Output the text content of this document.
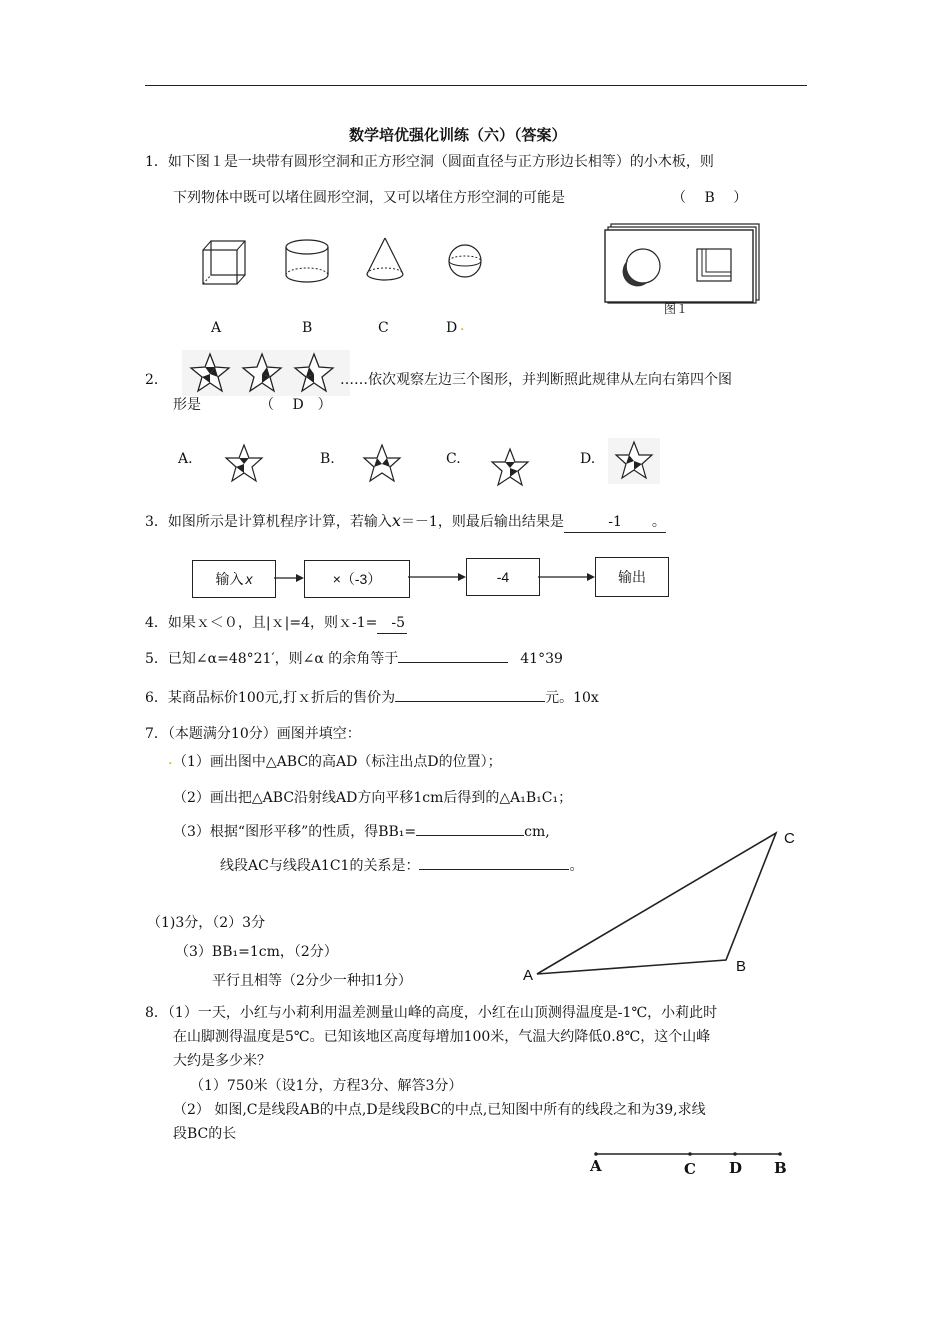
数学培优强化训练（六）（答案）
1．如下图１是一块带有圆形空洞和正方形空洞（圆面直径与正方形边长相等）的小木板，则
下列物体中既可以堵住圆形空洞，又可以堵住方形空洞的可能是	（　 B　 ）
A	B	C	D .
图１
2．	……依次观察左边三个图形，并判断照此规律从左向右第四个图
形是	（　 D　）
A.	B.	C.	D.
3．如图所示是计算机程序计算，若输入x＝－1，则最后输出结果是	-1 。
输入 x	×（-3）	-4	输出
4．如果ｘ＜０，且|ｘ|=4，则ｘ-1= -5
5．已知∠α=48°21′，则∠α 的余角等于	41°39
6．某商品标价100元,打ｘ折后的售价为	元。10x
7．（本题满分10分）画图并填空：
. （1）画出图中△ABC的高AD（标注出点D的位置）；
（2）画出把△ABC沿射线AD方向平移1cm后得到的△A₁B₁C₁；
（3）根据“图形平移”的性质，得BB₁=	cm,
线段AC与线段A1C1的关系是：	。
C
B
A
（1)3分，（2）3分
（3）BB₁=1cm，（2分）
平行且相等（2分少一种扣1分）
8．（1）一天，小红与小莉利用温差测量山峰的高度，小红在山顶测得温度是-1℃，小莉此时
在山脚测得温度是5℃。已知该地区高度每增加100米，气温大约降低0.8℃，这个山峰
大约是多少米？
（1）750米（设1分，方程3分、解答3分）
（2） 如图,C是线段AB的中点,D是线段BC的中点,已知图中所有的线段之和为39,求线
段BC的长
A	C D B
